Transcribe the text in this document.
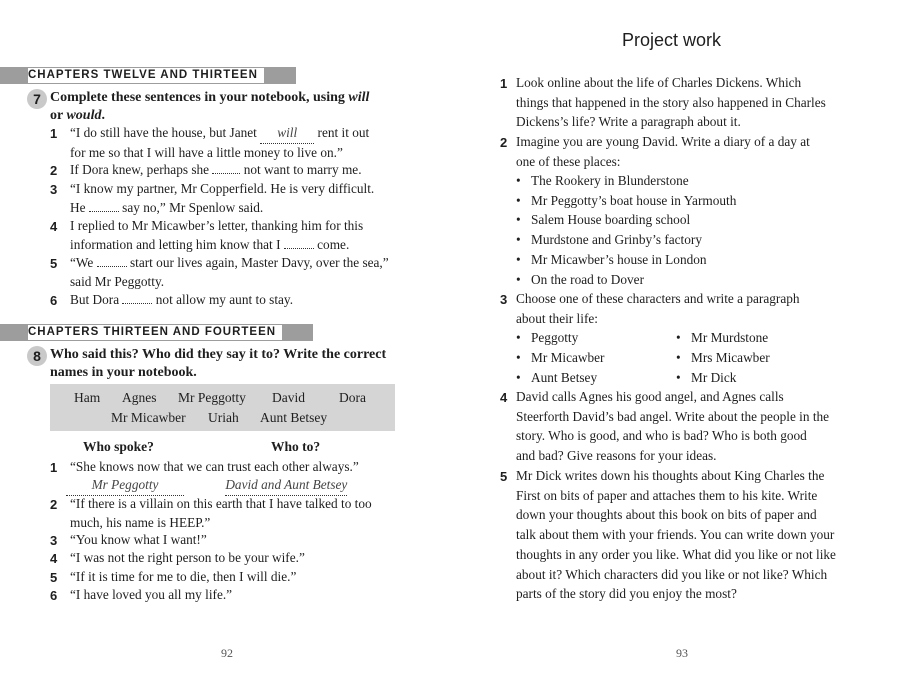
CHAPTERS TWELVE AND THIRTEEN
7 Complete these sentences in your notebook, using will
or would.
1 “I do still have the house, but Janet will rent it out
for me so that I will have a little money to live on.”
2 If Dora knew, perhaps she	not want to marry me.
3 “I know my partner, Mr Copperfield. He is very difficult.
He	say no,” Mr Spenlow said.
4 I replied to Mr Micawber’s letter, thanking him for this
information and letting him know that I	come.
5 “We	start our lives again, Master Davy, over the sea,”
said Mr Peggotty.
6 But Dora	not allow my aunt to stay.
CHAPTERS THIRTEEN AND FOURTEEN
8 Who said this? Who did they say it to? Write the correct
names in your notebook.
Ham Agnes Mr Peggotty David	Dora
Mr Micawber Uriah Aunt Betsey
Who spoke?	Who to?
1 “She knows now that we can trust each other always.”
Mr Peggotty	David and Aunt Betsey
2 “If there is a villain on this earth that I have talked to too
much, his name is HEEP.”
3 “You know what I want!”
4 “I was not the right person to be your wife.”
5 “If it is time for me to die, then I will die.”
6 “I have loved you all my life.”
92
Project work
1 Look online about the life of Charles Dickens. Which
things that happened in the story also happened in Charles
Dickens’s life? Write a paragraph about it.
2 Imagine you are young David. Write a diary of a day at
one of these places:
• The Rookery in Blunderstone
• Mr Peggotty’s boat house in Yarmouth
• Salem House boarding school
• Murdstone and Grinby’s factory
• Mr Micawber’s house in London
• On the road to Dover
3 Choose one of these characters and write a paragraph
about their life:
• Peggotty
• Mr Micawber
• Aunt Betsey
• Mr Murdstone
• Mrs Micawber
• Mr Dick
4 David calls Agnes his good angel, and Agnes calls
Steerforth David’s bad angel. Write about the people in the
story. Who is good, and who is bad? Who is both good
and bad? Give reasons for your ideas.
5 Mr Dick writes down his thoughts about King Charles the
First on bits of paper and attaches them to his kite. Write
down your thoughts about this book on bits of paper and
talk about them with your friends. You can write down your
thoughts in any order you like. What did you like or not like
about it? Which characters did you like or not like? Which
parts of the story did you enjoy the most?
93
